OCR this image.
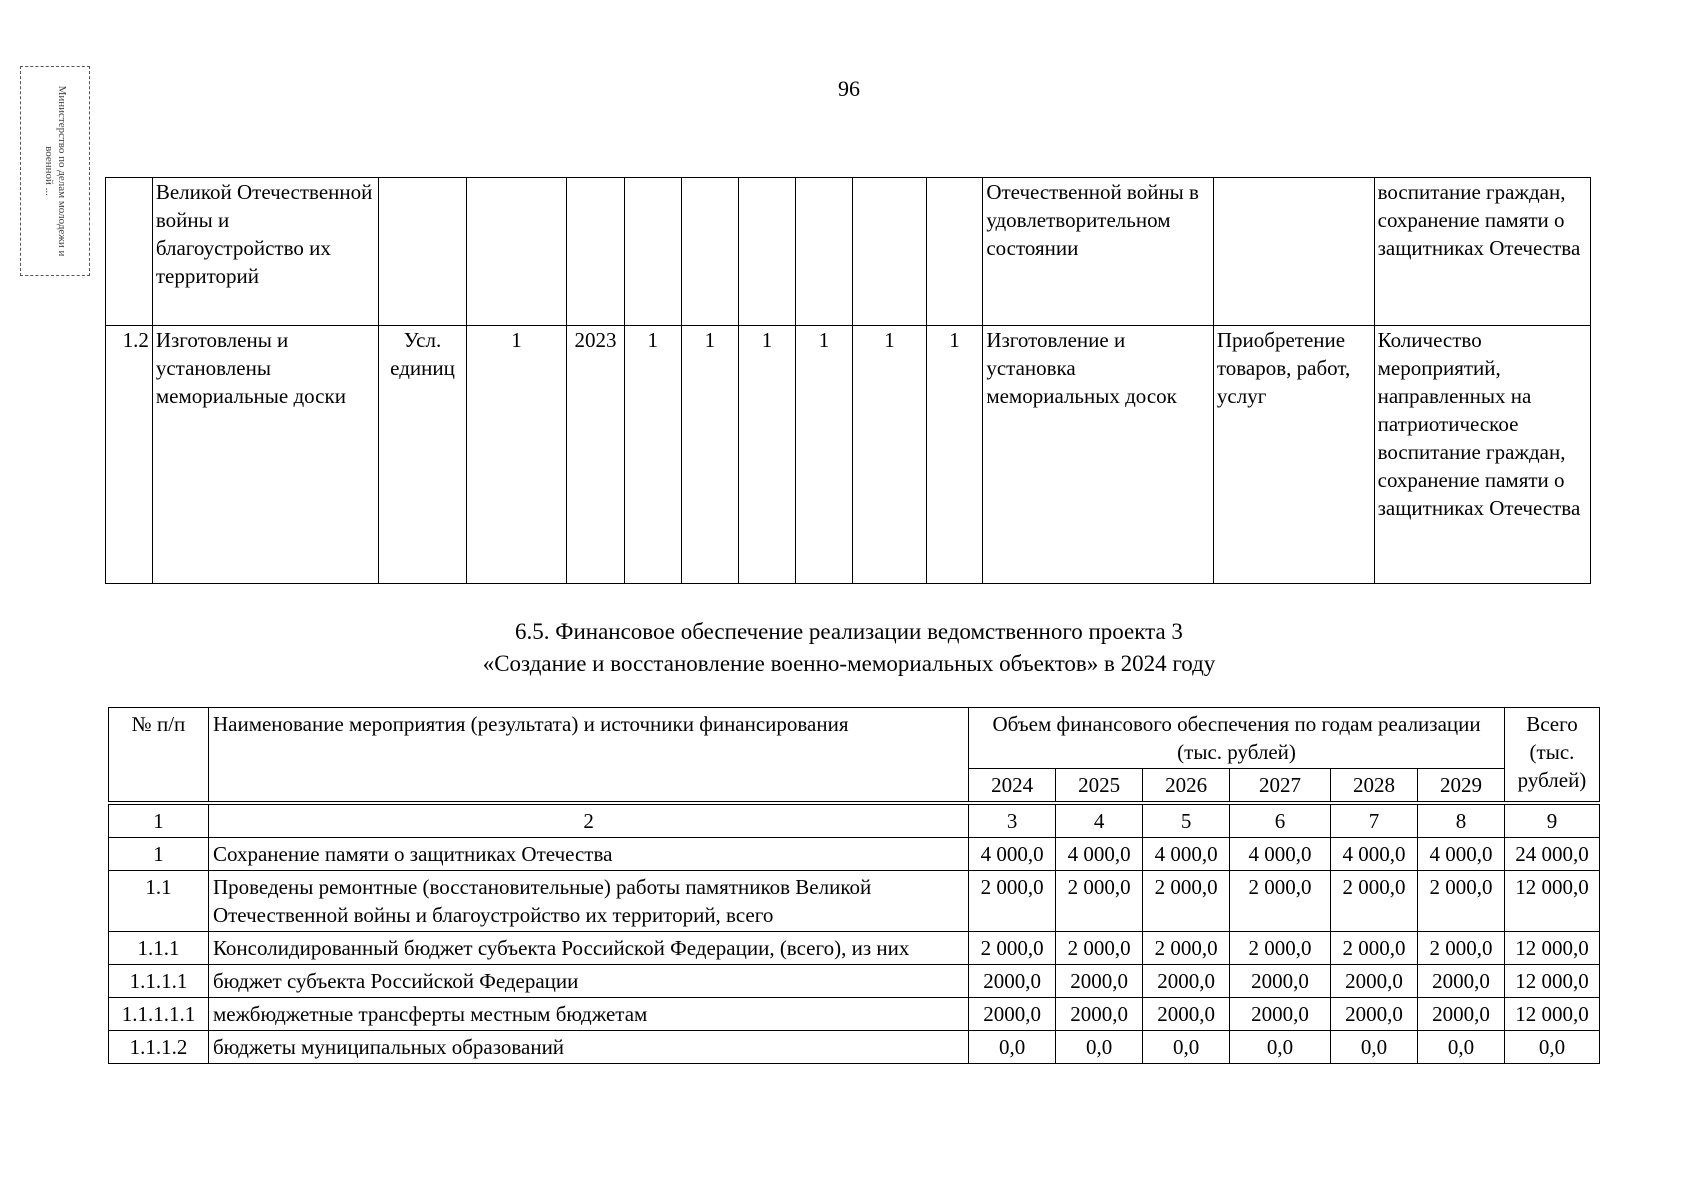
Министерство по делам молодежи и военной ...
96
	Великой Отечественной войны и благоустройство их территорий										Отечественной войны в удовлетворительном состоянии		воспитание граждан, сохранение памяти о защитниках Отечества
1.2	Изготовлены и установлены мемориальные доски	Усл. единиц	1	2023	1	1	1	1	1	1	Изготовление и установка мемориальных досок	Приобретение товаров, работ, услуг	Количество мероприятий, направленных на патриотическое воспитание граждан, сохранение памяти о защитниках Отечества
6.5. Финансовое обеспечение реализации ведомственного проекта 3
«Создание и восстановление военно-мемориальных объектов» в 2024 году
№ п/п	Наименование мероприятия (результата) и источники финансирования	Объем финансового обеспечения по годам реализации (тыс. рублей)						Всего (тыс. рублей)
		2024	2025	2026	2027	2028	2029	

1	2	3	4	5	6	7	8	9
1	Сохранение памяти о защитниках Отечества	4 000,0	4 000,0	4 000,0	4 000,0	4 000,0	4 000,0	24 000,0
1.1	Проведены ремонтные (восстановительные) работы памятников Великой Отечественной войны и благоустройство их территорий, всего	2 000,0	2 000,0	2 000,0	2 000,0	2 000,0	2 000,0	12 000,0
1.1.1	Консолидированный бюджет субъекта Российской Федерации, (всего), из них	2 000,0	2 000,0	2 000,0	2 000,0	2 000,0	2 000,0	12 000,0
1.1.1.1	бюджет субъекта Российской Федерации	2000,0	2000,0	2000,0	2000,0	2000,0	2000,0	12 000,0
1.1.1.1.1	межбюджетные трансферты местным бюджетам	2000,0	2000,0	2000,0	2000,0	2000,0	2000,0	12 000,0
1.1.1.2	бюджеты муниципальных образований	0,0	0,0	0,0	0,0	0,0	0,0	0,0
